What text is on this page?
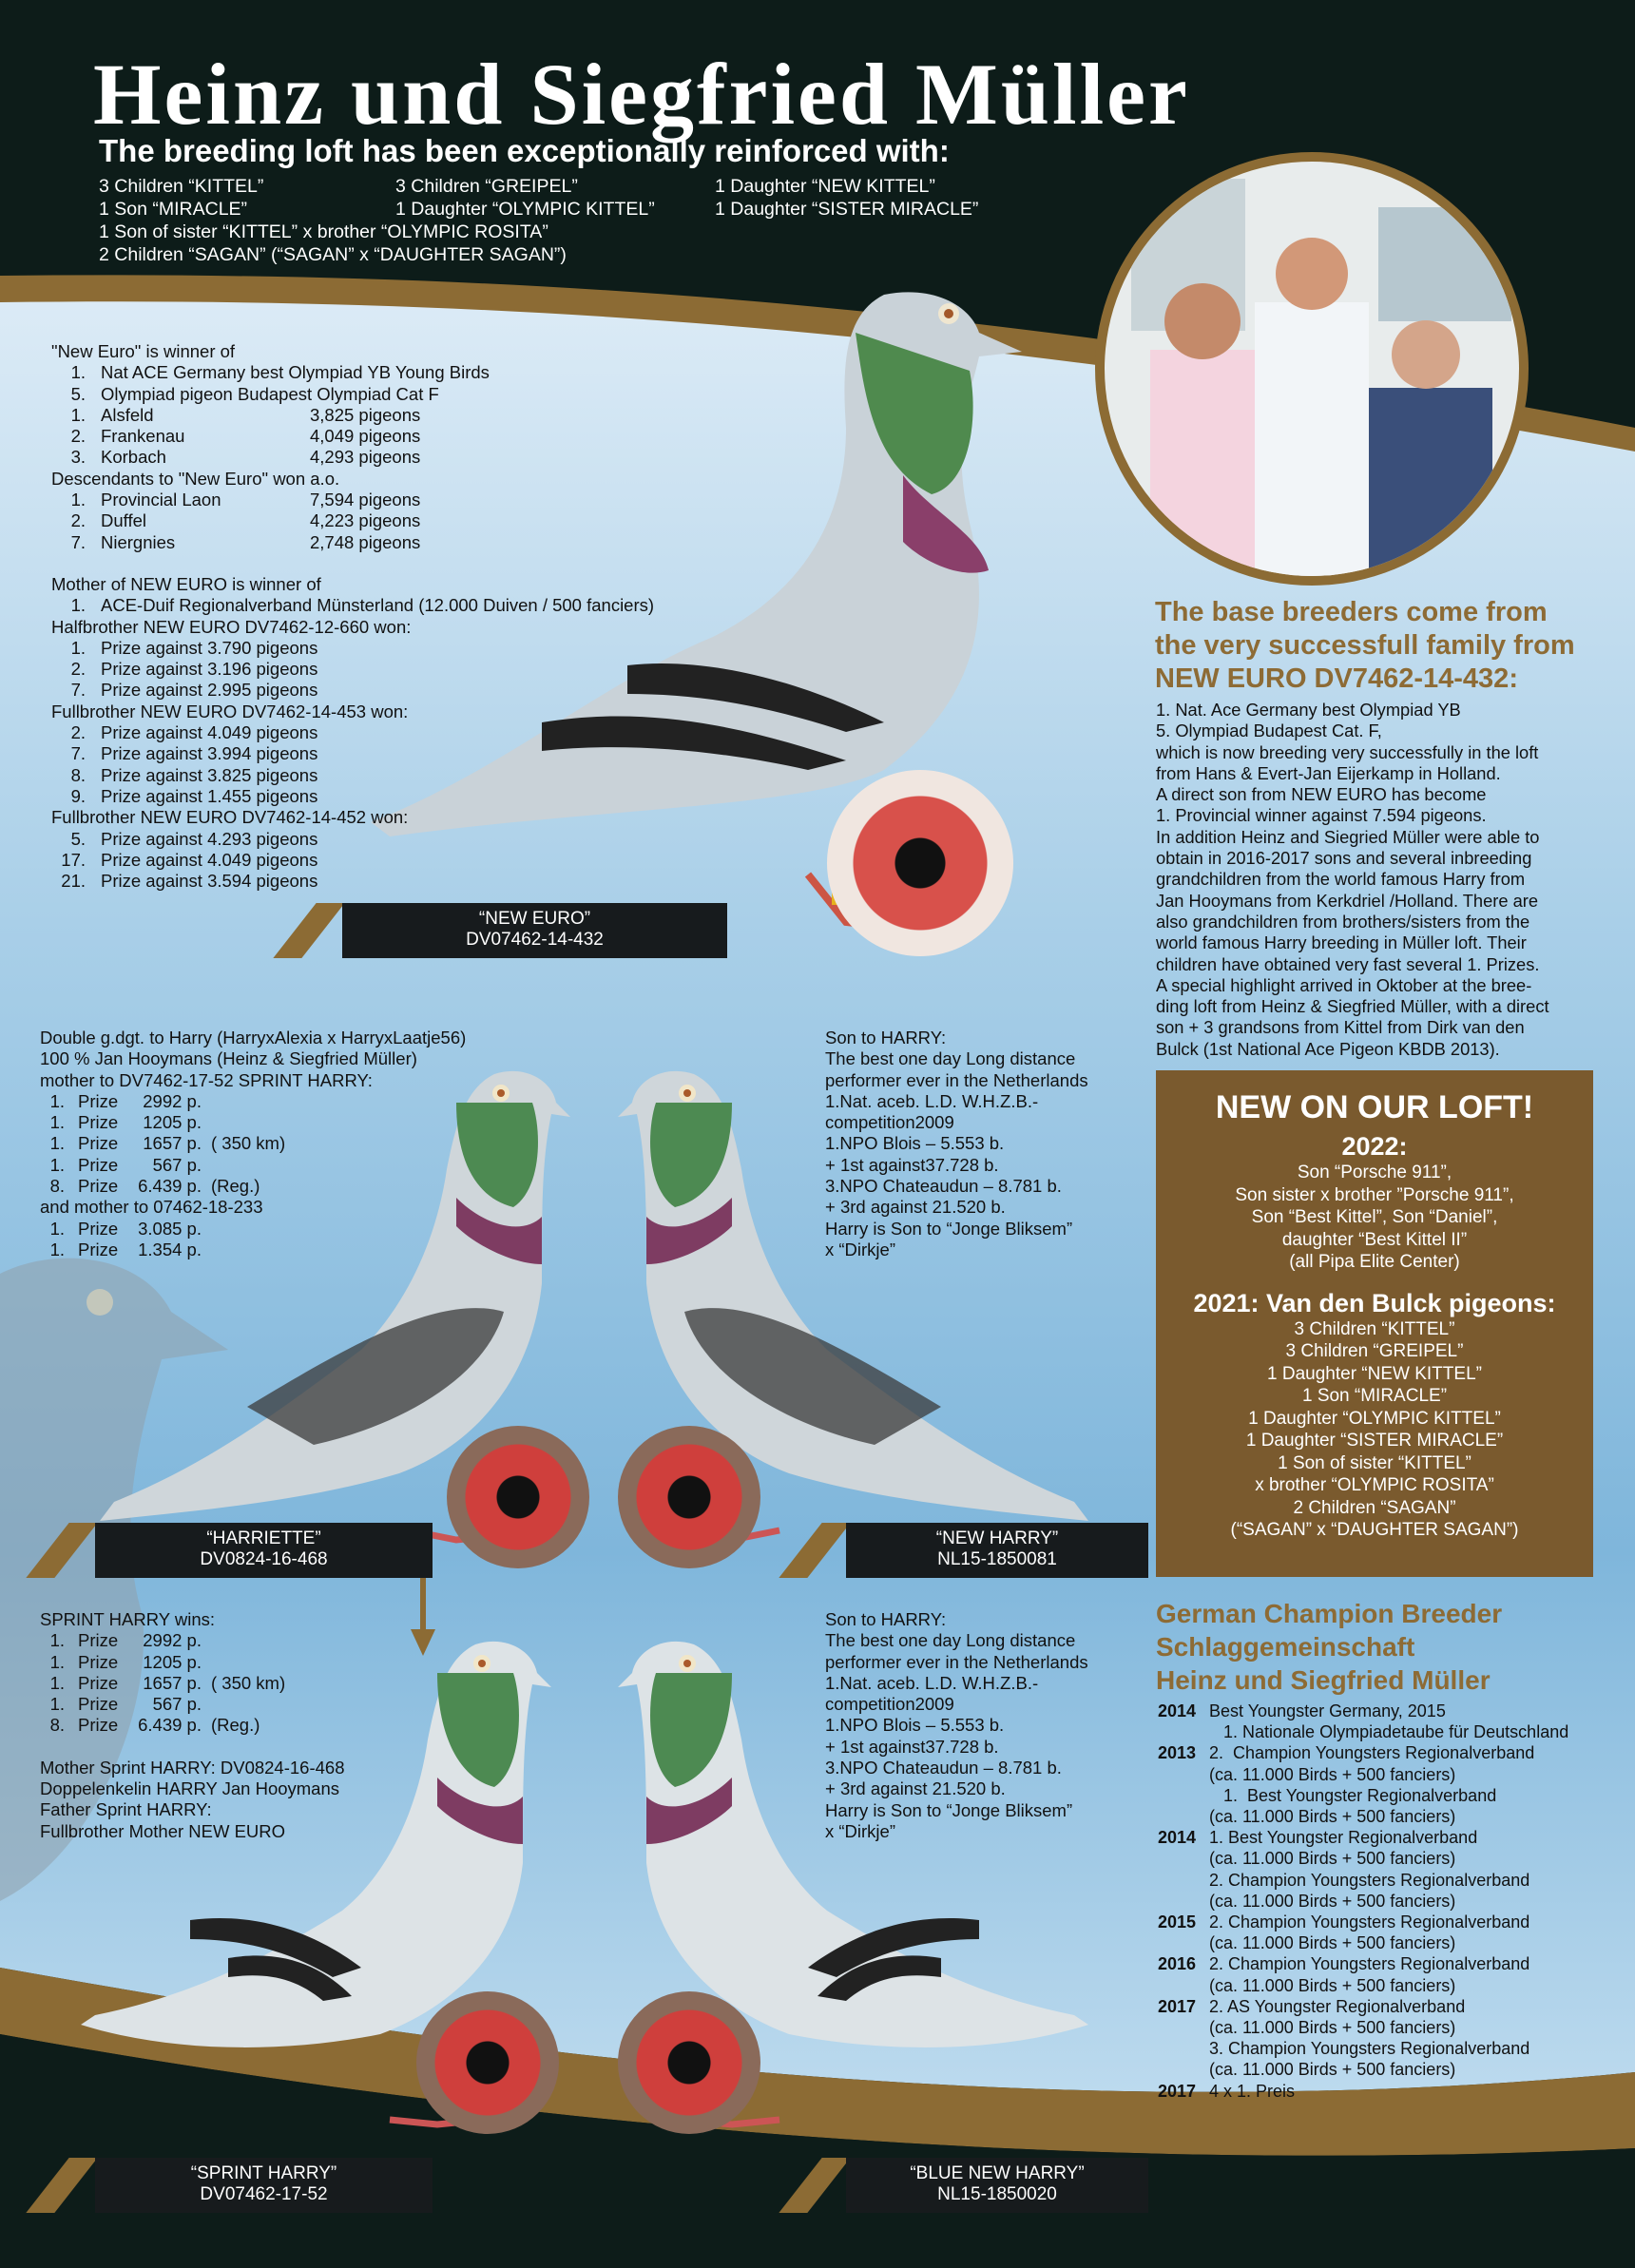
Heinz und Siegfried Müller
The breeding loft has been exceptionally reinforced with:
3 Children “KITTEL”
1 Son “MIRACLE”
3 Children “GREIPEL”
1 Daughter “OLYMPIC KITTEL”
1 Daughter “NEW KITTEL”
1 Daughter “SISTER MIRACLE”
1 Son of sister “KITTEL” x brother “OLYMPIC ROSITA”
2 Children “SAGAN” (“SAGAN” x “DAUGHTER SAGAN”)
"New Euro" is winner of
1. Nat ACE Germany best Olympiad YB Young Birds
5. Olympiad pigeon Budapest Olympiad Cat F
1. Alsfeld	3,825 pigeons
2. Frankenau	4,049 pigeons
3. Korbach	4,293 pigeons
Descendants to "New Euro" won a.o.
1. Provincial Laon	7,594 pigeons
2. Duffel	4,223 pigeons
7. Niergnies	2,748 pigeons
Mother of NEW EURO is winner of
1. ACE-Duif Regionalverband Münsterland (12.000 Duiven / 500 fanciers)
Halfbrother NEW EURO DV7462-12-660 won:
1. Prize against 3.790 pigeons
2. Prize against 3.196 pigeons
7. Prize against 2.995 pigeons
Fullbrother NEW EURO DV7462-14-453 won:
2. Prize against 4.049 pigeons
7. Prize against 3.994 pigeons
8. Prize against 3.825 pigeons
9. Prize against 1.455 pigeons
Fullbrother NEW EURO DV7462-14-452 won:
5. Prize against 4.293 pigeons
17. Prize against 4.049 pigeons
21. Prize against 3.594 pigeons
“NEW EURO”
DV07462-14-432
Double g.dgt. to Harry (HarryxAlexia x HarryxLaatje56)
100 % Jan Hooymans (Heinz & Siegfried Müller)
mother to DV7462-17-52 SPRINT HARRY:
1. Prize	2992 p.
1. Prize	1205 p.
1. Prize	1657 p. ( 350 km)
1. Prize	567 p.
8. Prize	6.439 p. (Reg.)
and mother to 07462-18-233
1. Prize	3.085 p.
1. Prize	1.354 p.
Son to HARRY:
The best one day Long distance
performer ever in the Netherlands
1.Nat. aceb. L.D. W.H.Z.B.-
competition2009
1.NPO Blois – 5.553 b.
+ 1st against37.728 b.
3.NPO Chateaudun – 8.781 b.
+ 3rd against 21.520 b.
Harry is Son to “Jonge Bliksem”
x “Dirkje”
Son to HARRY:
The best one day Long distance
performer ever in the Netherlands
1.Nat. aceb. L.D. W.H.Z.B.-
competition2009
1.NPO Blois – 5.553 b.
+ 1st against37.728 b.
3.NPO Chateaudun – 8.781 b.
+ 3rd against 21.520 b.
Harry is Son to “Jonge Bliksem”
x “Dirkje”
“HARRIETTE”
DV0824-16-468
“NEW HARRY”
NL15-1850081
SPRINT HARRY wins:
1. Prize	2992 p.
1. Prize	1205 p.
1. Prize	1657 p. ( 350 km)
1. Prize	567 p.
8. Prize	6.439 p. (Reg.)
Mother Sprint HARRY: DV0824-16-468
Doppelenkelin HARRY Jan Hooymans
Father Sprint HARRY:
Fullbrother Mother NEW EURO
“SPRINT HARRY”
DV07462-17-52
“BLUE NEW HARRY”
NL15-1850020
The base breeders come from
the very successfull family from
NEW EURO DV7462-14-432:
1. Nat. Ace Germany best Olympiad YB
5. Olympiad Budapest Cat. F,
which is now breeding very successfully in the loft
from Hans & Evert-Jan Eijerkamp in Holland.
A direct son from NEW EURO has become
1. Provincial winner against 7.594 pigeons.
In addition Heinz and Siegried Müller were able to
obtain in 2016-2017 sons and several inbreeding
grandchildren from the world famous Harry from
Jan Hooymans from Kerkdriel /Holland. There are
also grandchildren from brothers/sisters from the
world famous Harry breeding in Müller loft. Their
children have obtained very fast several 1. Prizes.
A special highlight arrived in Oktober at the bree-
ding loft from Heinz & Siegfried Müller, with a direct
son + 3 grandsons from Kittel from Dirk van den
Bulck (1st National Ace Pigeon KBDB 2013).
NEW ON OUR LOFT!
2022:
Son “Porsche 911”,
Son sister x brother ”Porsche 911”,
Son “Best Kittel”, Son “Daniel”,
daughter “Best Kittel II”
(all Pipa Elite Center)
2021: Van den Bulck pigeons:
3 Children “KITTEL”
3 Children “GREIPEL”
1 Daughter “NEW KITTEL”
1 Son “MIRACLE”
1 Daughter “OLYMPIC KITTEL”
1 Daughter “SISTER MIRACLE”
1 Son of sister “KITTEL”
x brother “OLYMPIC ROSITA”
2 Children “SAGAN”
(“SAGAN” x “DAUGHTER SAGAN”)
German Champion Breeder
Schlaggemeinschaft
Heinz und Siegfried Müller
2014 Best Youngster Germany, 2015
1. Nationale Olympiadetaube für Deutschland
2013 2.  Champion Youngsters Regionalverband
(ca. 11.000 Birds + 500 fanciers)
1.  Best Youngster Regionalverband
(ca. 11.000 Birds + 500 fanciers)
2014 1. Best Youngster Regionalverband
(ca. 11.000 Birds + 500 fanciers)
2. Champion Youngsters Regionalverband
(ca. 11.000 Birds + 500 fanciers)
2015 2. Champion Youngsters Regionalverband
(ca. 11.000 Birds + 500 fanciers)
2016 2. Champion Youngsters Regionalverband
(ca. 11.000 Birds + 500 fanciers)
2017 2. AS Youngster Regionalverband
(ca. 11.000 Birds + 500 fanciers)
3. Champion Youngsters Regionalverband
(ca. 11.000 Birds + 500 fanciers)
2017 4 x 1. Preis
